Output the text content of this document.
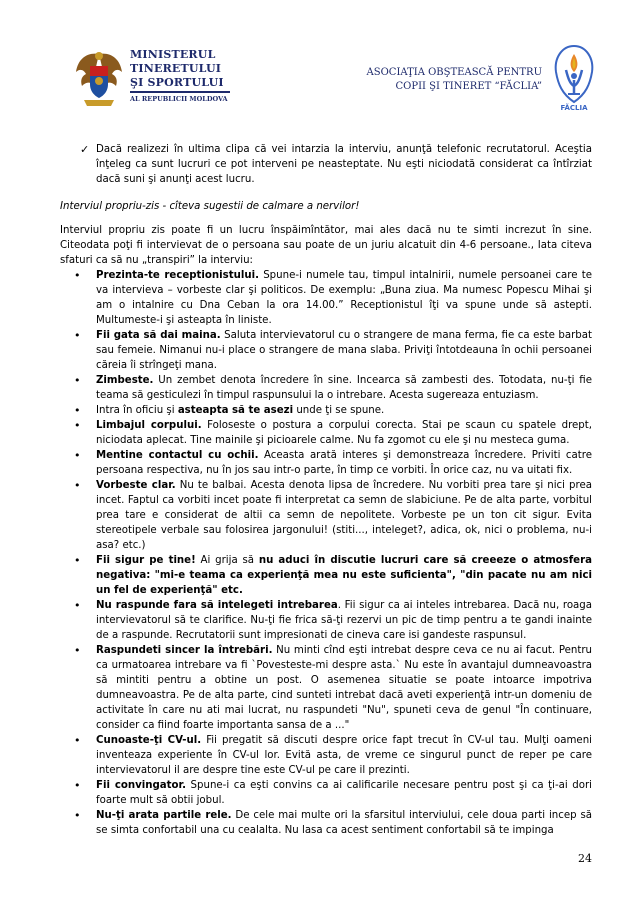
MINISTERUL
TINERETULUI
ŞI SPORTULUI
AL REPUBLICII MOLDOVA
ASOCIAŢIA OBŞTEASCĂ PENTRU
COPII ŞI TINERET “FĂCLIA”
FĂCLIA

✓ Dacă realizezi în ultima clipa că vei intarzia la interviu, anunţă telefonic recrutatorul. Aceştia înţeleg ca sunt lucruri ce pot interveni pe neasteptate. Nu eşti niciodată considerat ca întîrziat dacă suni şi anunţi acest lucru.

Interviul propriu-zis - cîteva sugestii de calmare a nervilor!

Interviul propriu zis poate fi un lucru înspăimîntător, mai ales dacă nu te simti increzut în sine. Citeodata poţi fi intervievat de o persoana sau poate de un juriu alcatuit din 4-6 persoane., Iata citeva sfaturi ca să nu „transpiri” la interviu:

• Prezinta-te receptionistului. Spune-i numele tau, timpul intalnirii, numele persoanei care te va intervieva – vorbeste clar şi politicos. De exemplu: „Buna ziua. Ma numesc Popescu Mihai şi am o intalnire cu Dna Ceban la ora 14.00.” Receptionistul îţi va spune unde să astepti. Multumeste-i şi asteapta în liniste.
• Fii gata să dai maina. Saluta intervievatorul cu o strangere de mana ferma, fie ca este barbat sau femeie. Nimanui nu-i place o strangere de mana slaba. Priviţi întotdeauna în ochii persoanei căreia îi strîngeţi mana.
• Zimbeste. Un zembet denota încredere în sine. Incearca să zambesti des. Totodata, nu-ţi fie teama să gesticulezi în timpul raspunsului la o intrebare. Acesta sugereaza entuziasm.
• Intra în oficiu şi asteapta să te asezi unde ţi se spune.
• Limbajul corpului. Foloseste o postura a corpului corecta. Stai pe scaun cu spatele drept, niciodata aplecat. Tine mainile şi picioarele calme. Nu fa zgomot cu ele şi nu mesteca guma.
• Mentine contactul cu ochii. Aceasta arată interes şi demonstreaza încredere. Priviti catre persoana respectiva, nu în jos sau intr-o parte, în timp ce vorbiti. În orice caz, nu va uitati fix.
• Vorbeste clar. Nu te balbai. Acesta denota lipsa de încredere. Nu vorbiti prea tare şi nici prea incet. Faptul ca vorbiti incet poate fi interpretat ca semn de slabiciune. Pe de alta parte, vorbitul prea tare e considerat de altii ca semn de nepolitete. Vorbeste pe un ton cit sigur. Evita stereotipele verbale sau folosirea jargonului! (stiti..., inteleget?, adica, ok, nici o problema, nu-i asa? etc.)
• Fii sigur pe tine! Ai grija să nu aduci în discutie lucruri care să creeeze o atmosfera negativa: "mi-e teama ca experienţă mea nu este suficienta", "din pacate nu am nici un fel de experienţă" etc.
• Nu raspunde fara să intelegeti intrebarea. Fii sigur ca ai inteles intrebarea. Dacă nu, roaga intervievatorul să te clarifice. Nu-ţi fie frica să-ţi rezervi un pic de timp pentru a te gandi inainte de a raspunde. Recrutatorii sunt impresionati de cineva care isi gandeste raspunsul.
• Raspundeti sincer la întrebări. Nu minti cînd eşti intrebat despre ceva ce nu ai facut. Pentru ca urmatoarea intrebare va fi `Povesteste-mi despre asta.` Nu este în avantajul dumneavoastra să mintiti pentru a obtine un post. O asemenea situatie se poate intoarce impotriva dumneavoastra. Pe de alta parte, cind sunteti intrebat dacă aveti experienţă intr-un domeniu de activitate în care nu ati mai lucrat, nu raspundeti "Nu", spuneti ceva de genul "În continuare, consider ca fiind foarte importanta sansa de a ..."
• Cunoaste-ţi CV-ul. Fii pregatit să discuti despre orice fapt trecut în CV-ul tau. Mulţi oameni inventeaza experiente în CV-ul lor. Evită asta, de vreme ce singurul punct de reper pe care intervievatorul il are despre tine este CV-ul pe care il prezinti.
• Fii convingator. Spune-i ca eşti convins ca ai calificarile necesare pentru post şi ca ţi-ai dori foarte mult să obtii jobul.
• Nu-ţi arata partile rele. De cele mai multe ori la sfarsitul interviului, cele doua parti incep să se simta confortabil una cu cealalta. Nu lasa ca acest sentiment confortabil să te impinga
24
